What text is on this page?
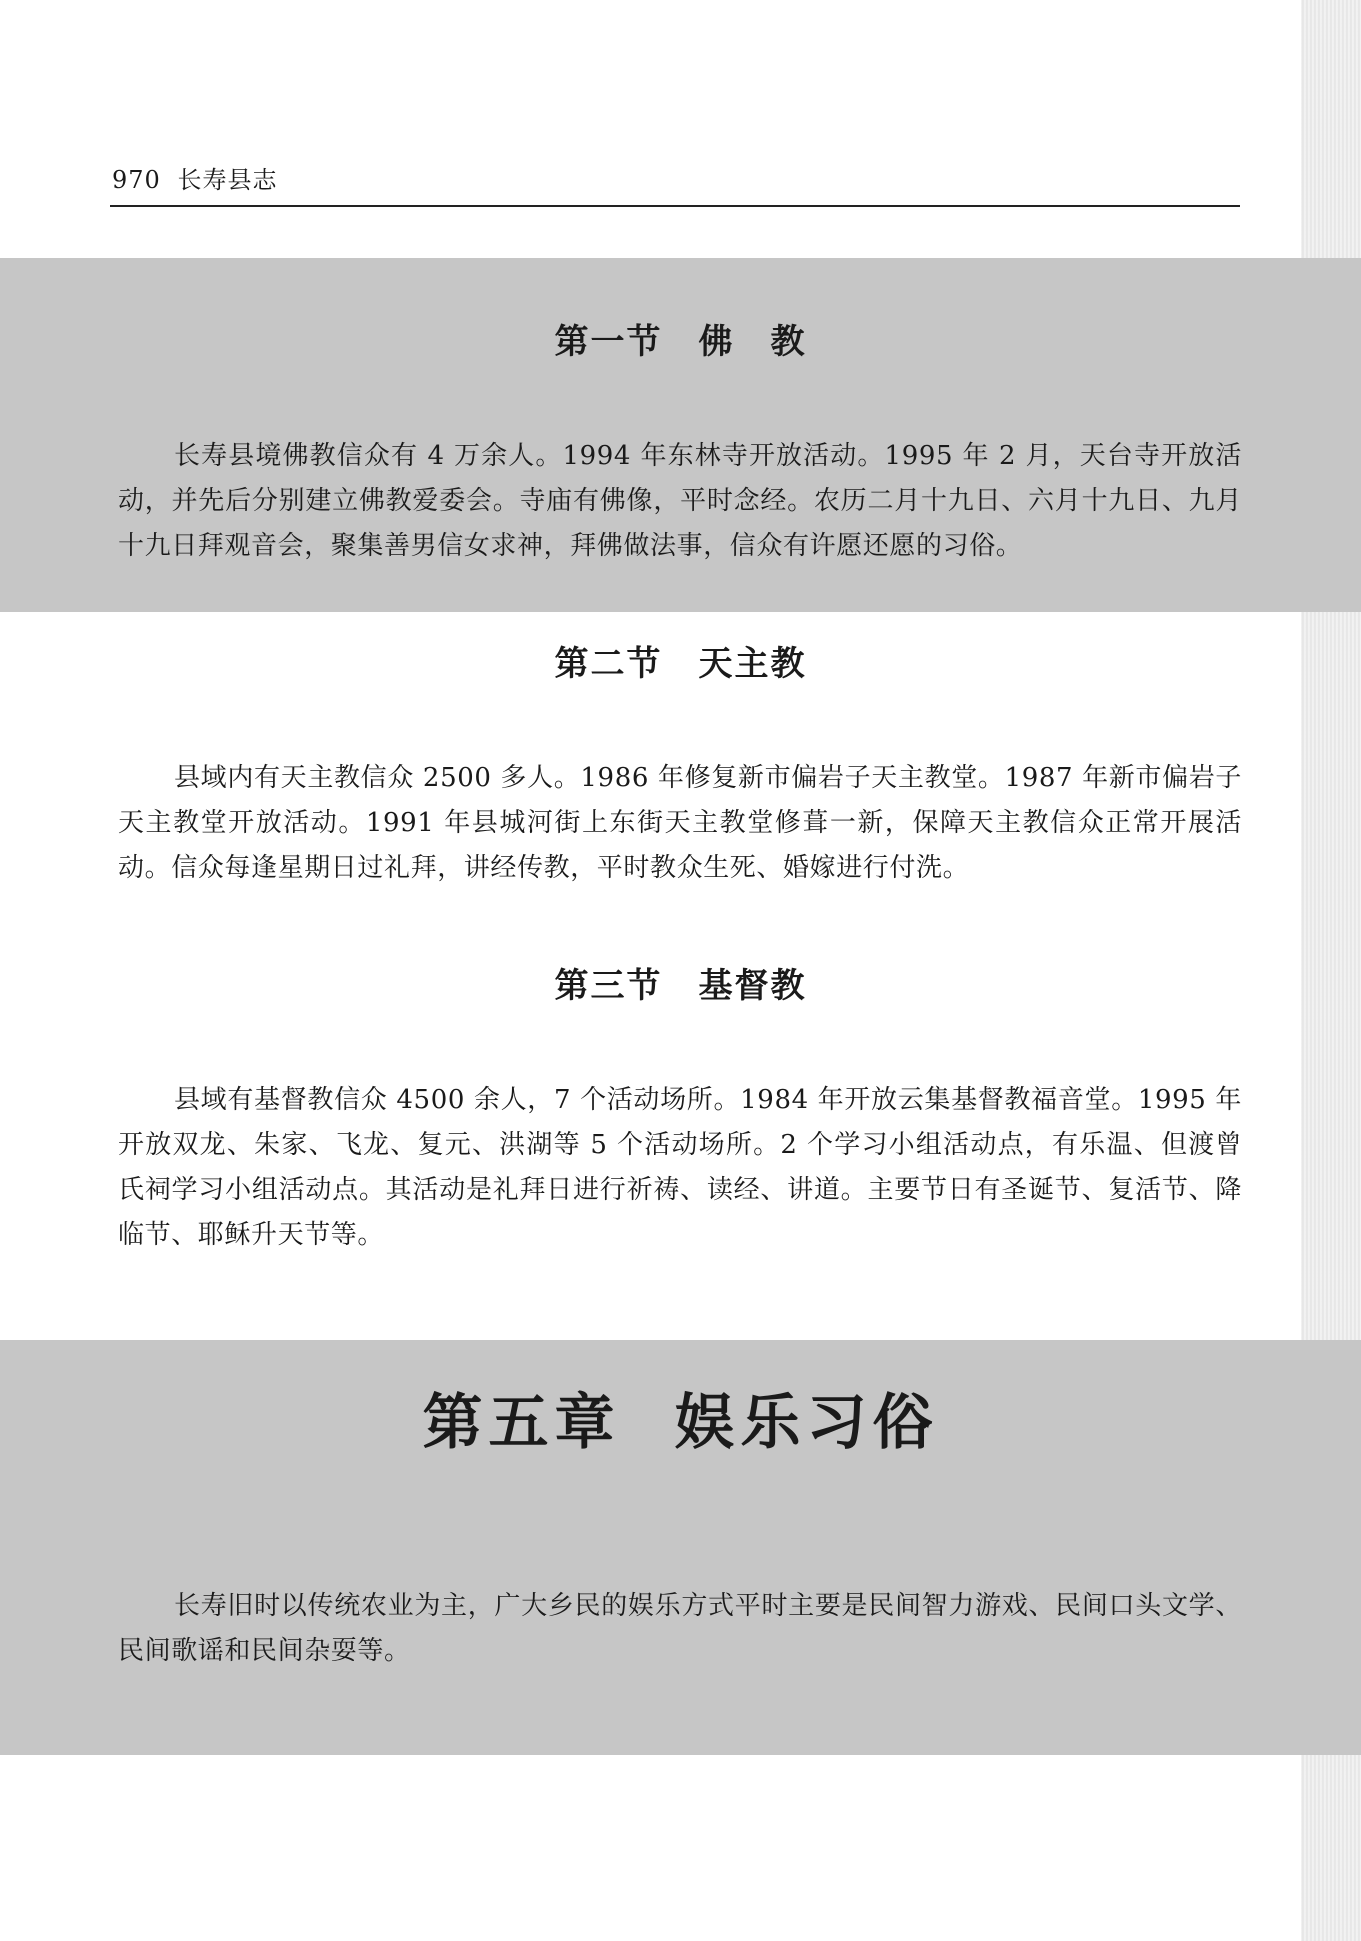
970 长寿县志
第一节 佛　教

长寿县境佛教信众有 4 万余人。1994 年东林寺开放活动。1995 年 2 月，天台寺开放活动，并先后分别建立佛教爱委会。寺庙有佛像，平时念经。农历二月十九日、六月十九日、九月十九日拜观音会，聚集善男信女求神，拜佛做法事，信众有许愿还愿的习俗。

第二节 天主教

县域内有天主教信众 2500 多人。1986 年修复新市偏岩子天主教堂。1987 年新市偏岩子天主教堂开放活动。1991 年县城河街上东街天主教堂修葺一新，保障天主教信众正常开展活动。信众每逢星期日过礼拜，讲经传教，平时教众生死、婚嫁进行付洗。

第三节 基督教

县域有基督教信众 4500 余人，7 个活动场所。1984 年开放云集基督教福音堂。1995 年开放双龙、朱家、飞龙、复元、洪湖等 5 个活动场所。2 个学习小组活动点，有乐温、但渡曾氏祠学习小组活动点。其活动是礼拜日进行祈祷、读经、讲道。主要节日有圣诞节、复活节、降临节、耶稣升天节等。

第五章 娱乐习俗

长寿旧时以传统农业为主，广大乡民的娱乐方式平时主要是民间智力游戏、民间口头文学、民间歌谣和民间杂耍等。
